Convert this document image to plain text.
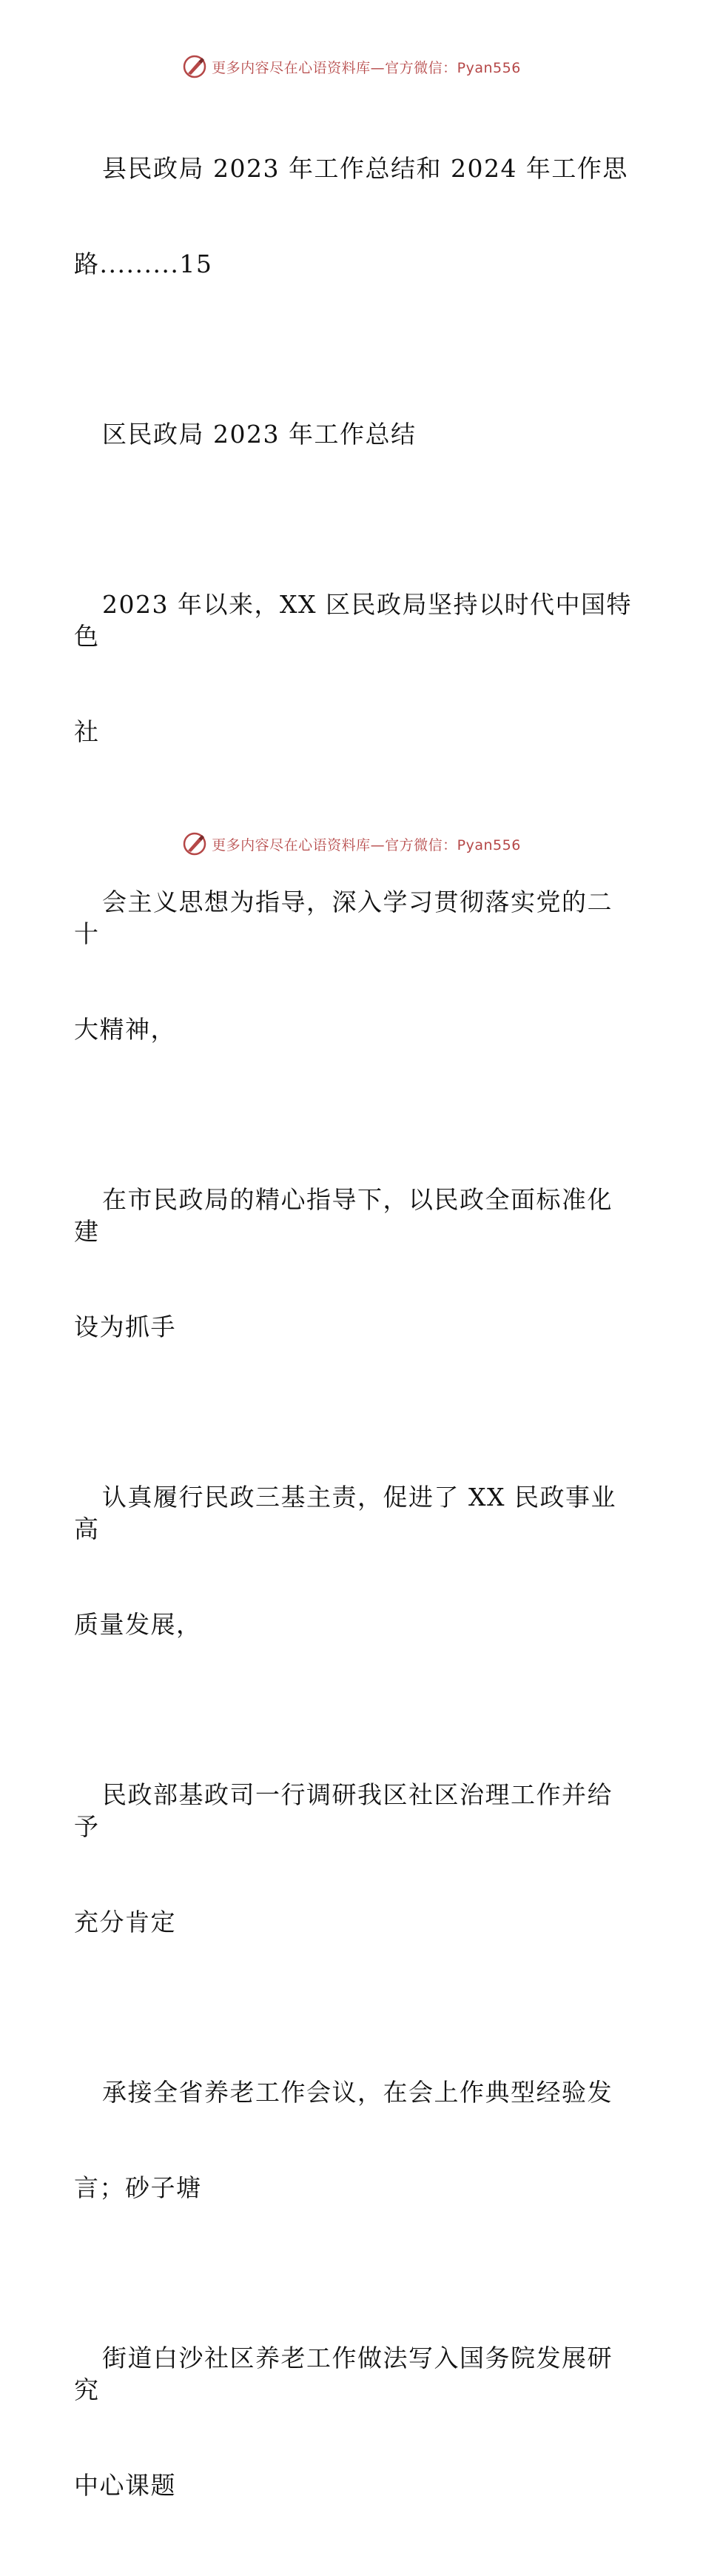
更多内容尽在心语资料库—官方微信：Pyan556

县民政局 2023 年工作总结和 2024 年工作思

路.........15

区民政局 2023 年工作总结

2023 年以来，XX 区民政局坚持以时代中国特色

社

会主义思想为指导，深入学习贯彻落实党的二十

大精神，

在市民政局的精心指导下，以民政全面标准化建

设为抓手

认真履行民政三基主责，促进了 XX 民政事业高

质量发展，

民政部基政司一行调研我区社区治理工作并给予

充分肯定

承接全省养老工作会议，在会上作典型经验发

言；砂子塘

街道白沙社区养老工作做法写入国务院发展研究

中心课题

更多内容尽在心语资料库—官方微信：Pyan556
